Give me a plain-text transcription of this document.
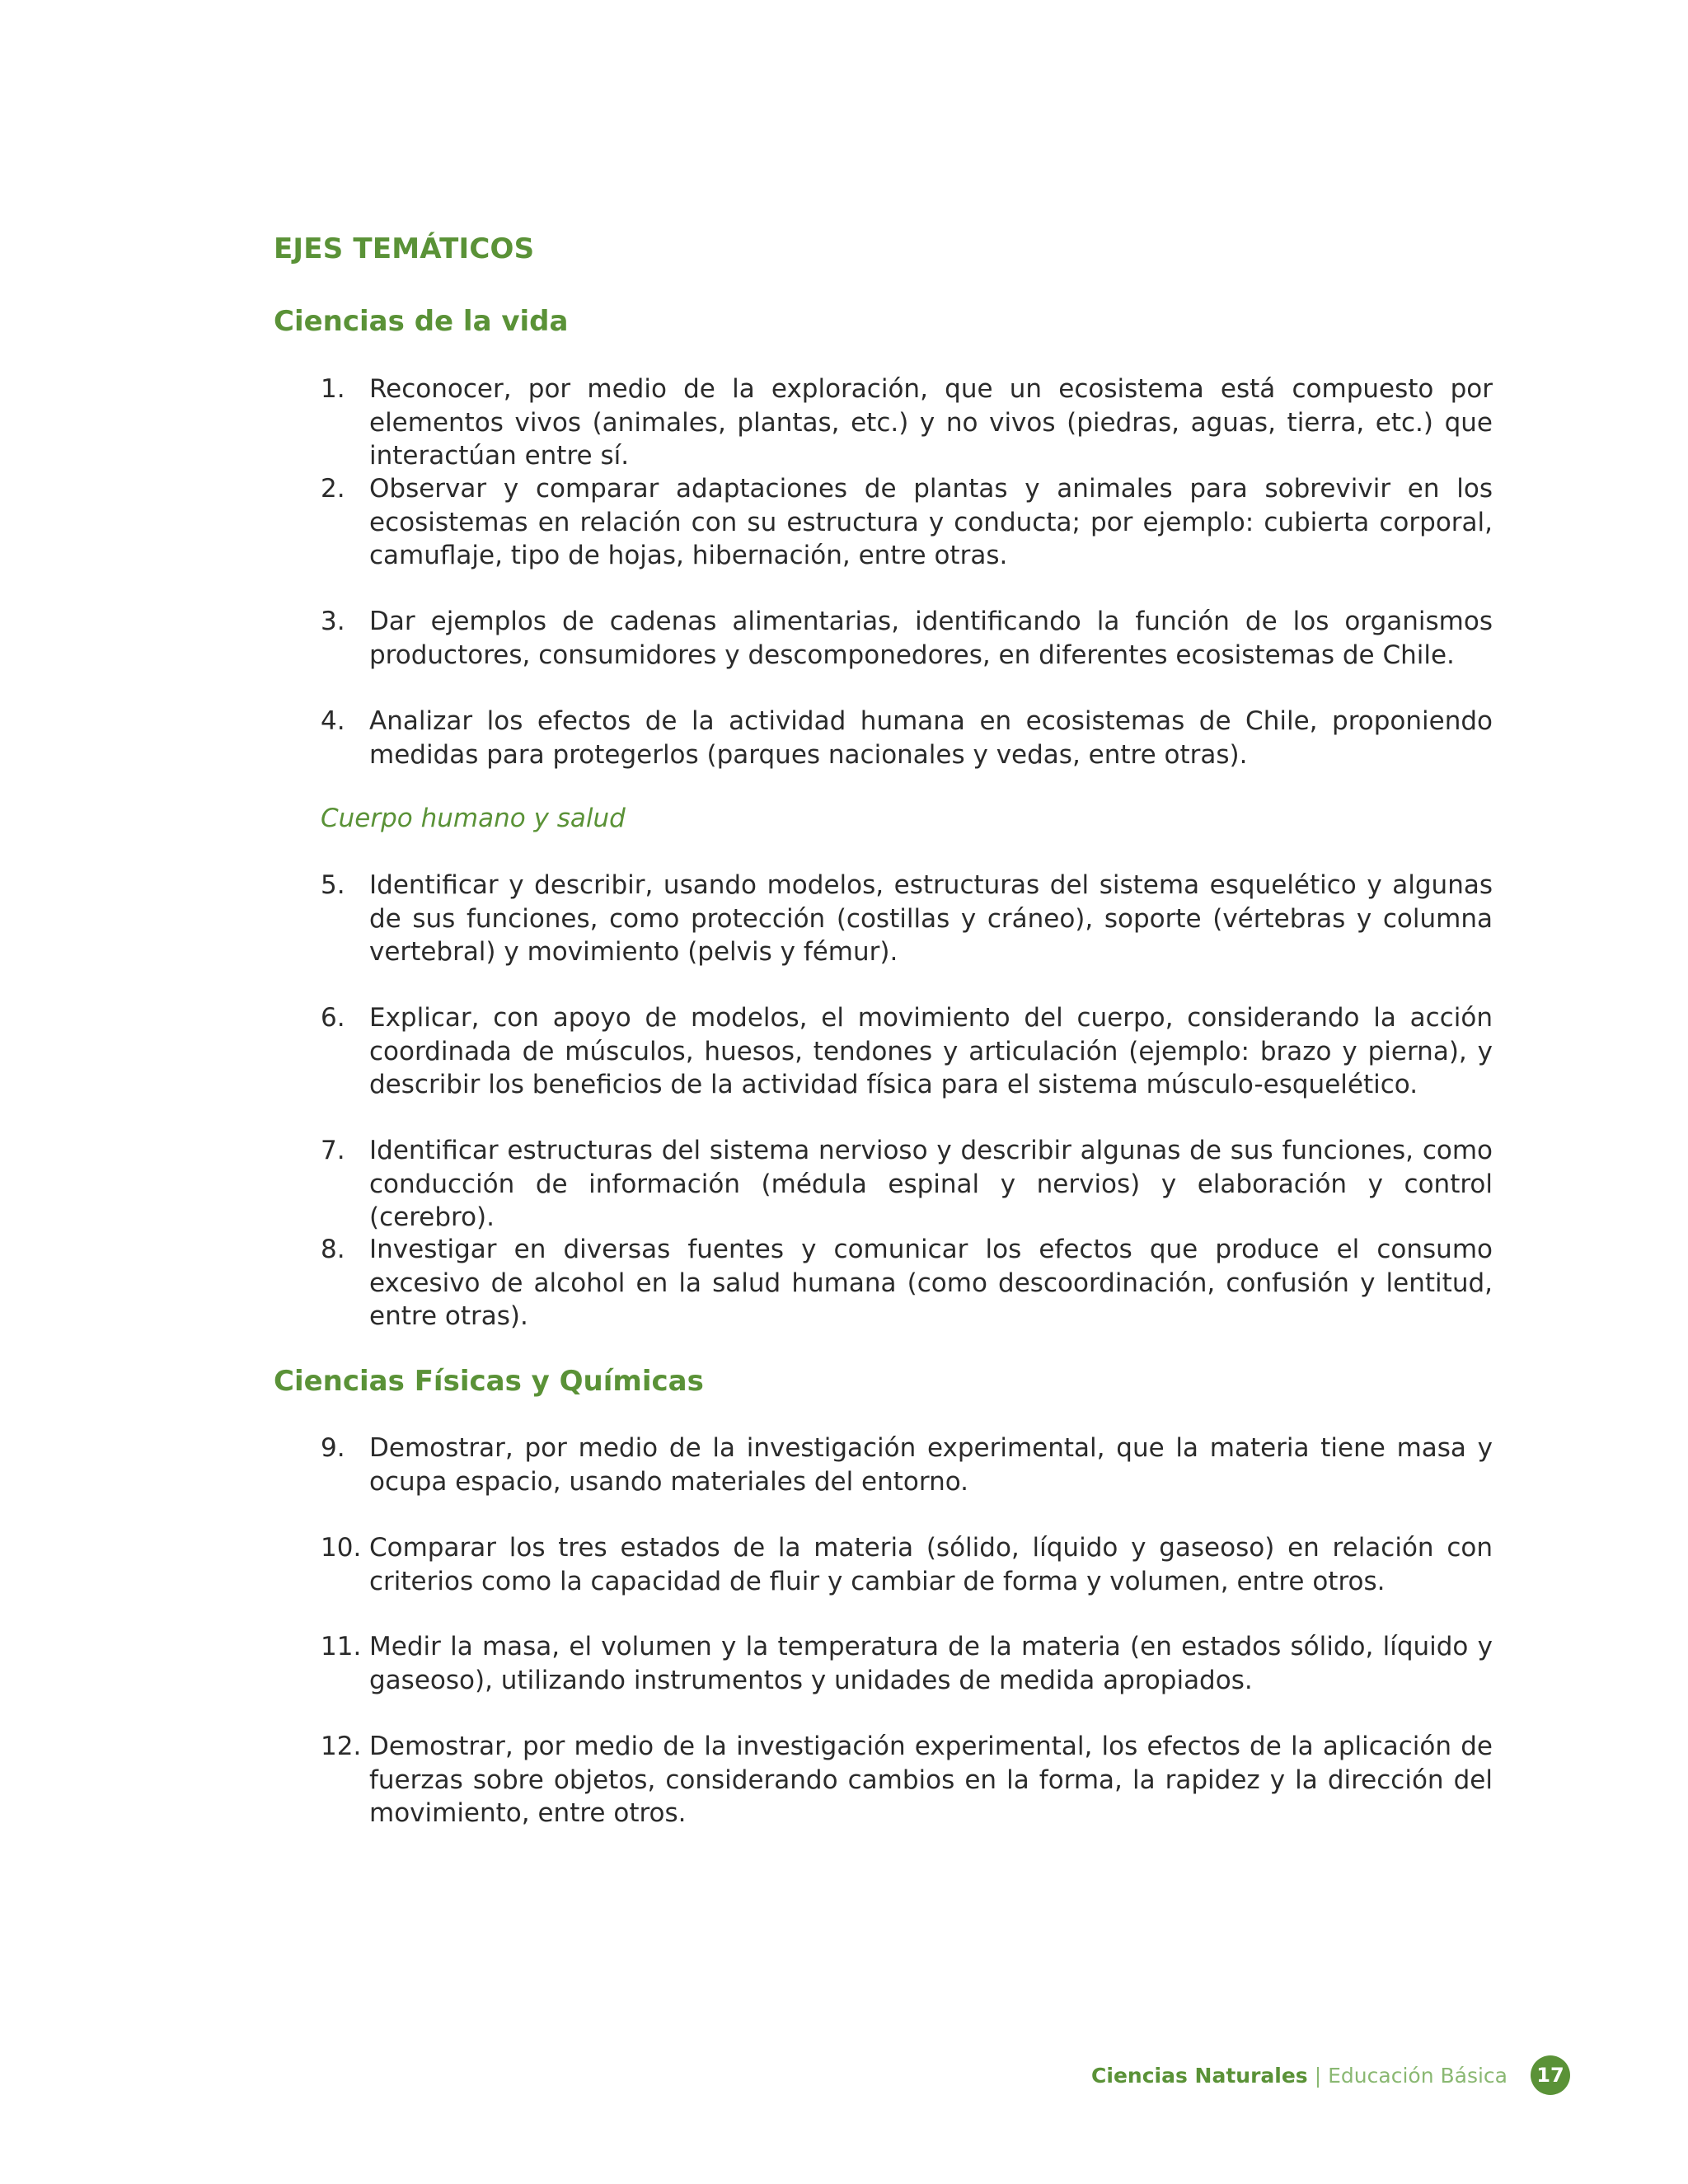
EJES TEMÁTICOS
Ciencias de la vida
1. Reconocer, por medio de la exploración, que un ecosistema está compuesto por elementos vivos (animales, plantas, etc.) y no vivos (piedras, aguas, tierra, etc.) que interactúan entre sí.
2. Observar y comparar adaptaciones de plantas y animales para sobrevivir en los ecosistemas en relación con su estructura y conducta; por ejemplo: cubierta corporal, camuflaje, tipo de hojas, hibernación, entre otras.
3. Dar ejemplos de cadenas alimentarias, identificando la función de los organismos productores, consumidores y descomponedores, en diferentes ecosistemas de Chile.
4. Analizar los efectos de la actividad humana en ecosistemas de Chile, proponiendo medidas para protegerlos (parques nacionales y vedas, entre otras).
Cuerpo humano y salud
5. Identificar y describir, usando modelos, estructuras del sistema esquelético y algunas de sus funciones, como protección (costillas y cráneo), soporte (vértebras y columna vertebral) y movimiento (pelvis y fémur).
6. Explicar, con apoyo de modelos, el movimiento del cuerpo, considerando la acción coordinada de músculos, huesos, tendones y articulación (ejemplo: brazo y pierna), y describir los beneficios de la actividad física para el sistema músculo-esquelético.
7. Identificar estructuras del sistema nervioso y describir algunas de sus funciones, como conducción de información (médula espinal y nervios) y elaboración y control (cerebro).
8. Investigar en diversas fuentes y comunicar los efectos que produce el consumo excesivo de alcohol en la salud humana (como descoordinación, confusión y lentitud, entre otras).
Ciencias Físicas y Químicas
9. Demostrar, por medio de la investigación experimental, que la materia tiene masa y ocupa espacio, usando materiales del entorno.
10. Comparar los tres estados de la materia (sólido, líquido y gaseoso) en relación con criterios como la capacidad de fluir y cambiar de forma y volumen, entre otros.
11. Medir la masa, el volumen y la temperatura de la materia (en estados sólido, líquido y gaseoso), utilizando instrumentos y unidades de medida apropiados.
12. Demostrar, por medio de la investigación experimental, los efectos de la aplicación de fuerzas sobre objetos, considerando cambios en la forma, la rapidez y la dirección del movimiento, entre otros.
Ciencias Naturales | Educación Básica	17
